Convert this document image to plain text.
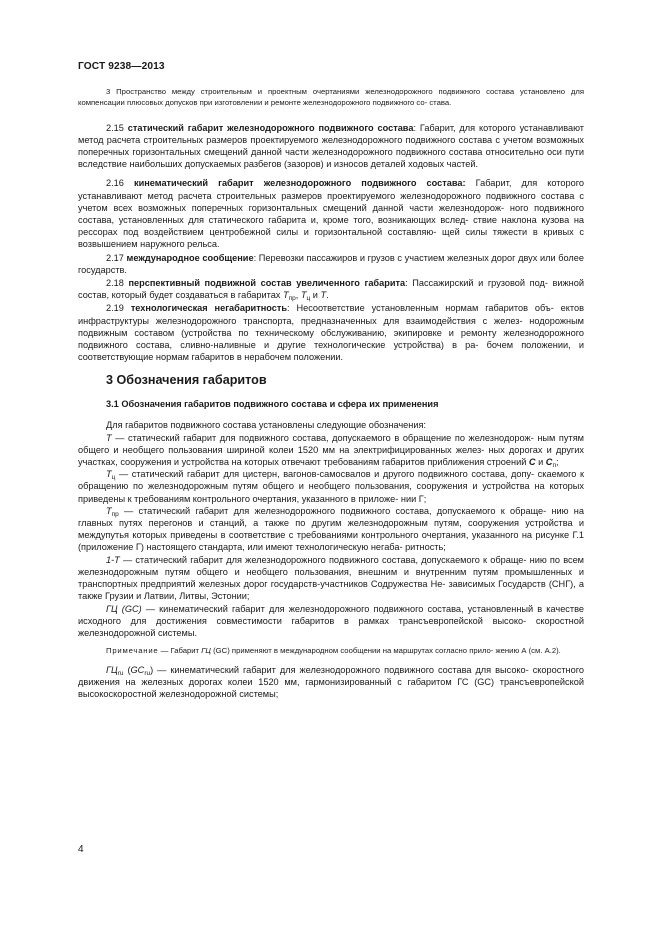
ГОСТ 9238—2013

3 Пространство между строительным и проектным очертаниями железнодорожного подвижного состава установлено для компенсации плюсовых допусков при изготовлении и ремонте железнодорожного подвижного со- става.

2.15 статический габарит железнодорожного подвижного состава: Габарит, для которого устанавливают метод расчета строительных размеров проектируемого железнодорожного подвижного состава с учетом возможных поперечных горизонтальных смещений данной части железнодорожного подвижного состава относительно оси пути вследствие наибольших допускаемых разбегов (зазоров) и износов деталей ходовых частей.

2.16 кинематический габарит железнодорожного подвижного состава: Габарит, для которого устанавливают метод расчета строительных размеров проектируемого железнодорожного подвижного состава с учетом всех возможных поперечных горизонтальных смещений данной части железнодорож- ного подвижного состава, установленных для статического габарита и, кроме того, возникающих вслед- ствие наклона кузова на рессорах под воздействием центробежной силы и горизонтальной составляю- щей силы тяжести в кривых с возвышением наружного рельса.

2.17 международное сообщение: Перевозки пассажиров и грузов с участием железных дорог двух или более государств.

2.18 перспективный подвижной состав увеличенного габарита: Пассажирский и грузовой под- вижной состав, который будет создаваться в габаритах $Т_{пр}$, $Т_ц$ и Т.

2.19 технологическая негабаритность: Несоответствие установленным нормам габаритов объ- ектов инфраструктуры железнодорожного транспорта, предназначенных для взаимодействия с желез- нодорожным подвижным составом (устройства по техническому обслуживанию, экипировке и ремонту железнодорожного подвижного состава, сливно-наливные и другие технологические устройства) в ра- бочем положении, и соответствующие нормам габаритов в нерабочем положении.

3 Обозначения габаритов
3.1 Обозначения габаритов подвижного состава и сфера их применения

Для габаритов подвижного состава установлены следующие обозначения:

Т — статический габарит для подвижного состава, допускаемого в обращение по железнодорож- ным путям общего и необщего пользования шириной колеи 1520 мм на электрифицированных желез- ных дорогах и других участках, сооружения и устройства на которых отвечают требованиям габаритов приближения строений С и $С_п$;

$Т_ц$ — статический габарит для цистерн, вагонов-самосвалов и другого подвижного состава, допу- скаемого к обращению по железнодорожным путям общего и необщего пользования, сооружения и устройства на которых приведены к требованиям контрольного очертания, указанного в приложе- нии Г;

$Т_{пр}$ — статический габарит для железнодорожного подвижного состава, допускаемого к обраще- нию на главных путях перегонов и станций, а также по другим железнодорожным путям, сооружения устройства и междупутья которых приведены в соответствие с требованиями контрольного очертания, указанного на рисунке Г.1 (приложение Г) настоящего стандарта, или имеют технологическую негаба- ритность;

1-Т — статический габарит для железнодорожного подвижного состава, допускаемого к обраще- нию по всем железнодорожным путям общего и необщего пользования, внешним и внутренним путям промышленных и транспортных предприятий железных дорог государств-участников Содружества Не- зависимых Государств (СНГ), а также Грузии и Латвии, Литвы, Эстонии;

ГЦ (GC) — кинематический габарит для железнодорожного подвижного состава, установленный в качестве исходного для достижения совместимости габаритов в рамках трансъевропейской высоко- скоростной железнодорожной системы.

Примечание — Габарит ГЦ (GC) применяют в международном сообщении на маршрутах согласно прило- жению А (см. А.2).

$ГЦ_{ru}$ $(GC_{ru})$ — кинематический габарит для железнодорожного подвижного состава для высоко- скоростного движения на железных дорогах колеи 1520 мм, гармонизированный с габаритом ГС (GC) трансъевропейской высокоскоростной железнодорожной системы;

4
